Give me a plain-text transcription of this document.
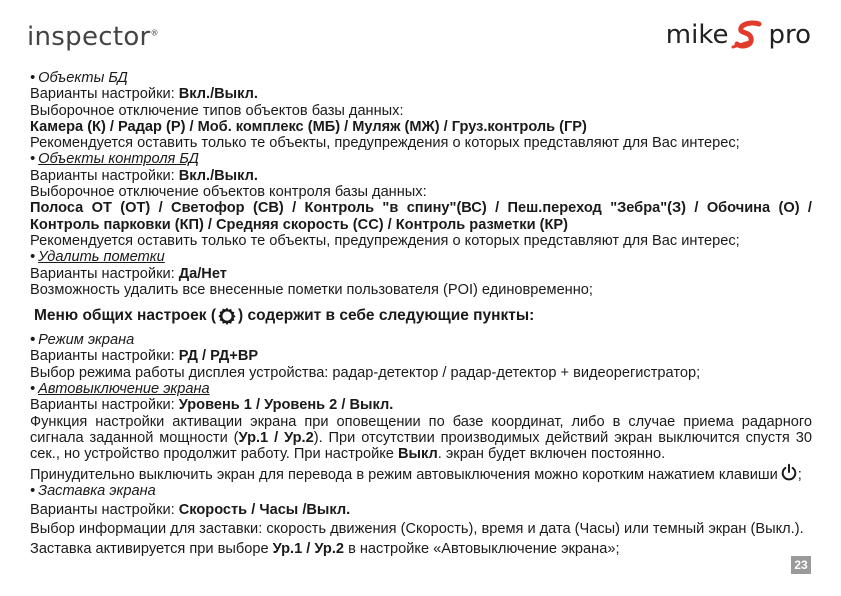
inspector®	mike pro
• Объекты БД
Варианты настройки: Вкл./Выкл.
Выборочное отключение типов объектов базы данных:
Камера (К) / Радар (Р) / Моб. комплекс (МБ) / Муляж (МЖ) / Груз.контроль (ГР)
Рекомендуется оставить только те объекты, предупреждения о которых представляют для Вас интерес;
• Объекты контроля БД
Варианты настройки: Вкл./Выкл.
Выборочное отключение объектов контроля базы данных:
Полоса ОТ (ОТ) / Светофор (СВ) / Контроль "в спину"(ВС) / Пеш.переход "Зебра"(З) / Обочина (О) /
Контроль парковки (КП) / Средняя скорость (СС) / Контроль разметки (КР)
Рекомендуется оставить только те объекты, предупреждения о которых представляют для Вас интерес;
• Удалить пометки
Варианты настройки: Да/Нет
Возможность удалить все внесенные пометки пользователя (POI) единовременно;
Меню общих настроек ( ) содержит в себе следующие пункты:
• Режим экрана
Варианты настройки: РД / РД+ВР
Выбор режима работы дисплея устройства: радар-детектор / радар-детектор + видеорегистратор;
• Автовыключение экрана
Варианты настройки: Уровень 1 / Уровень 2 / Выкл.
Функция настройки активации экрана при оповещении по базе координат, либо в случае приема радарного
сигнала заданной мощности (Ур.1 / Ур.2). При отсутствии производимых действий экран выключится спустя 30
сек., но устройство продолжит работу. При настройке Выкл. экран будет включен постоянно.
Принудительно выключить экран для перевода в режим автовыключения можно коротким нажатием клавиши ;
• Заставка экрана
Варианты настройки: Скорость / Часы /Выкл.
Выбор информации для заставки: скорость движения (Скорость), время и дата (Часы) или темный экран (Выкл.).
Заставка активируется при выборе Ур.1 / Ур.2 в настройке «Автовыключение экрана»;
23
